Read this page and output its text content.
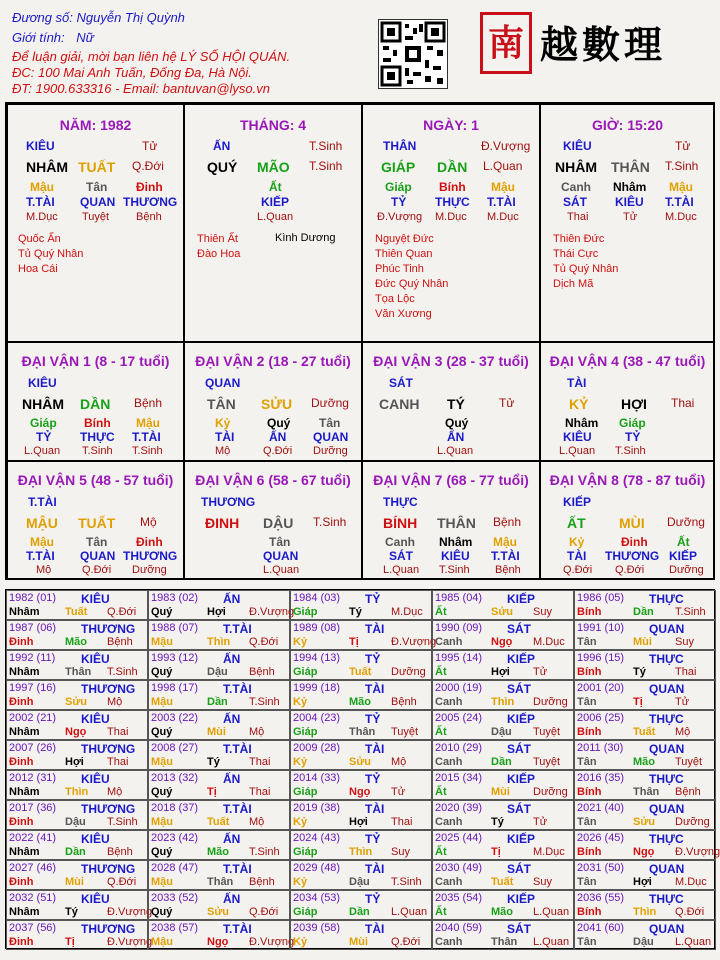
Đương số: Nguyễn Thị Quỳnh
Giới tính: Nữ
Để luận giải, mời bạn liên hệ LÝ SỐ HỘI QUÁN.
ĐC: 100 Mai Anh Tuấn, Đống Đa, Hà Nội.
ĐT: 1900.633316 - Email: bantuvan@lyso.vn
南 越數理
NĂM: 1982
KIÊU	Tử
NHÂM TUẤT Q.Đới
Mậu	Tân Đinh
T.TÀI QUAN THƯƠNG
M.Dục Tuyệt Bệnh
Quốc Ấn
Tủ Quý Nhân
Hoa Cái
THÁNG: 4
ẤN	T.Sinh
QUÝ MÃO T.Sinh
Ất
KIẾP
L.Quan
Thiên Ất
Đào Hoa
Kình Dương
NGÀY: 1
THÂN	Đ.Vượng
GIÁP DẦN L.Quan
Giáp Bính Mậu
TỶ THỰC T.TÀI
Đ.Vượng M.Dục M.Dục
Nguyệt Đức
Thiên Quan
Phúc Tinh
Đức Quý Nhân
Tọa Lộc
Văn Xương
GIỜ: 15:20
KIÊU	Tử
NHÂM THÂN T.Sinh
Canh Nhâm Mậu
SÁT KIÊU T.TÀI
Thai	Tử	M.Dục
Thiên Đức
Thái Cực
Tủ Quý Nhân
Dịch Mã
ĐẠI VẬN 1 (8 - 17 tuổi)
KIÊU
NHÂM DẦN Bệnh
Giáp Bính Mậu
TỶ THỰC T.TÀI
L.Quan T.Sinh T.Sinh
ĐẠI VẬN 2 (18 - 27 tuổi)
QUAN
TÂN SỬU Dưỡng
Kỷ	Quý Tân
TÀI	ẤN QUAN
Mộ	Q.Đới Dưỡng
ĐẠI VẬN 3 (28 - 37 tuổi)
SÁT
CANH TÝ	Tử
Quý
ẤN
L.Quan
ĐẠI VẬN 4 (38 - 47 tuổi)
TÀI
KỶ HỢI Thai
Nhâm Giáp
KIÊU	TỶ
L.Quan T.Sinh
ĐẠI VẬN 5 (48 - 57 tuổi)
T.TÀI
MẬU TUẤT Mộ
Mậu	Tân Đinh
T.TÀI QUAN THƯƠNG
Mộ	Q.Đới Dưỡng
ĐẠI VẬN 6 (58 - 67 tuổi)
THƯƠNG
ĐINH DẬU T.Sinh
Tân
QUAN
L.Quan
ĐẠI VẬN 7 (68 - 77 tuổi)
THỰC
BÍNH THÂN Bệnh
Canh Nhâm Mậu
SÁT KIÊU T.TÀI
L.Quan T.Sinh Bệnh
ĐẠI VẬN 8 (78 - 87 tuổi)
KIẾP
ẤT MÙI Dưỡng
Kỷ	Đinh Ất
TÀI THƯƠNG KIẾP
Q.Đới Q.Đới Dưỡng
1982 (01) KIÊU
Nhâm Tuất Q.Đới
1983 (02) ẤN
Quý	Hợi Đ.Vượng
1984 (03) TỶ
Giáp	Tý	M.Dục
1985 (04) KIẾP
Ất	Sửu Suy
1986 (05) THỰC
Bính	Dần T.Sinh
1987 (06) THƯƠNG
Đinh	Mão Bệnh
1988 (07) T.TÀI
Mậu	Thìn Q.Đới
1989 (08) TÀI
Kỷ	Tị	Đ.Vượng
1990 (09) SÁT
Canh	Ngọ M.Dục
1991 (10) QUAN
Tân	Mùi Suy
1992 (11) KIÊU
Nhâm Thân T.Sinh
1993 (12) ẤN
Quý	Dậu Bệnh
1994 (13) TỶ
Giáp	Tuất Dưỡng
1995 (14) KIẾP
Ất	Hợi Tử
1996 (15) THỰC
Bính	Tý	Thai
1997 (16) THƯƠNG
Đinh	Sửu Mộ
1998 (17) T.TÀI
Mậu	Dần T.Sinh
1999 (18) TÀI
Kỷ	Mão Bệnh
2000 (19) SÁT
Canh	Thìn Dưỡng
2001 (20) QUAN
Tân	Tị	Tử
2002 (21) KIÊU
Nhâm Ngọ Thai
2003 (22) ẤN
Quý	Mùi Mộ
2004 (23) TỶ
Giáp	Thân Tuyệt
2005 (24) KIẾP
Ất	Dậu Tuyệt
2006 (25) THỰC
Bính	Tuất Mộ
2007 (26) THƯƠNG
Đinh	Hợi Thai
2008 (27) T.TÀI
Mậu	Tý	Thai
2009 (28) TÀI
Kỷ	Sửu Mộ
2010 (29) SÁT
Canh	Dần Tuyệt
2011 (30) QUAN
Tân	Mão Tuyệt
2012 (31) KIÊU
Nhâm Thìn Mộ
2013 (32) ẤN
Quý	Tị	Thai
2014 (33) TỶ
Giáp	Ngọ Tử
2015 (34) KIẾP
Ất	Mùi Dưỡng
2016 (35) THỰC
Bính	Thân Bệnh
2017 (36) THƯƠNG
Đinh	Dậu T.Sinh
2018 (37) T.TÀI
Mậu	Tuất Mộ
2019 (38) TÀI
Kỷ	Hợi Thai
2020 (39) SÁT
Canh	Tý	Tử
2021 (40) QUAN
Tân	Sửu Dưỡng
2022 (41) KIÊU
Nhâm Dần Bệnh
2023 (42) ẤN
Quý	Mão T.Sinh
2024 (43) TỶ
Giáp	Thìn Suy
2025 (44) KIẾP
Ất	Tị	M.Dục
2026 (45) THỰC
Bính	Ngọ Đ.Vượng
2027 (46) THƯƠNG
Đinh	Mùi Q.Đới
2028 (47) T.TÀI
Mậu	Thân Bệnh
2029 (48) TÀI
Kỷ	Dậu T.Sinh
2030 (49) SÁT
Canh	Tuất Suy
2031 (50) QUAN
Tân	Hợi M.Dục
2032 (51) KIÊU
Nhâm Tý	Đ.Vượng
2033 (52) ẤN
Quý	Sửu Q.Đới
2034 (53) TỶ
Giáp	Dần L.Quan
2035 (54) KIẾP
Ất	Mão L.Quan
2036 (55) THỰC
Bính	Thìn Q.Đới
2037 (56) THƯƠNG
Đinh	Tị	Đ.Vượng
2038 (57) T.TÀI
Mậu	Ngọ Đ.Vượng
2039 (58) TÀI
Kỷ	Mùi Q.Đới
2040 (59) SÁT
Canh	Thân L.Quan
2041 (60) QUAN
Tân	Dậu L.Quan
